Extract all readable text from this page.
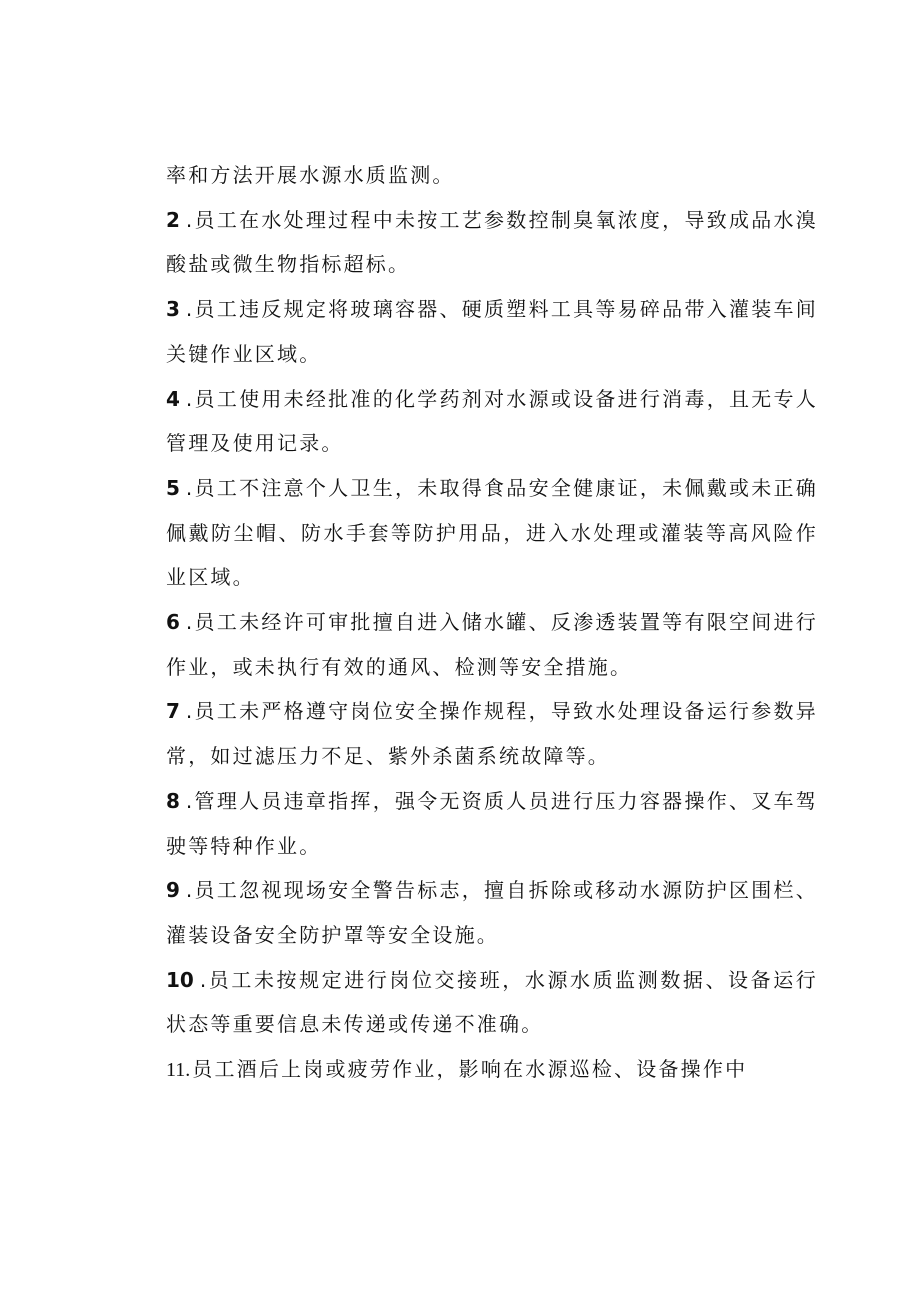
率和方法开展水源水质监测。

2 .员工在水处理过程中未按工艺参数控制臭氧浓度，导致成品水溴酸盐或微生物指标超标。

3 .员工违反规定将玻璃容器、硬质塑料工具等易碎品带入灌装车间关键作业区域。

4 .员工使用未经批准的化学药剂对水源或设备进行消毒，且无专人管理及使用记录。

5 .员工不注意个人卫生，未取得食品安全健康证，未佩戴或未正确佩戴防尘帽、防水手套等防护用品，进入水处理或灌装等高风险作业区域。

6 .员工未经许可审批擅自进入储水罐、反渗透装置等有限空间进行作业，或未执行有效的通风、检测等安全措施。

7 .员工未严格遵守岗位安全操作规程，导致水处理设备运行参数异常，如过滤压力不足、紫外杀菌系统故障等。

8 .管理人员违章指挥，强令无资质人员进行压力容器操作、叉车驾驶等特种作业。

9 .员工忽视现场安全警告标志，擅自拆除或移动水源防护区围栏、灌装设备安全防护罩等安全设施。

10 .员工未按规定进行岗位交接班，水源水质监测数据、设备运行状态等重要信息未传递或传递不准确。

11. 员工酒后上岗或疲劳作业，影响在水源巡检、设备操作中
